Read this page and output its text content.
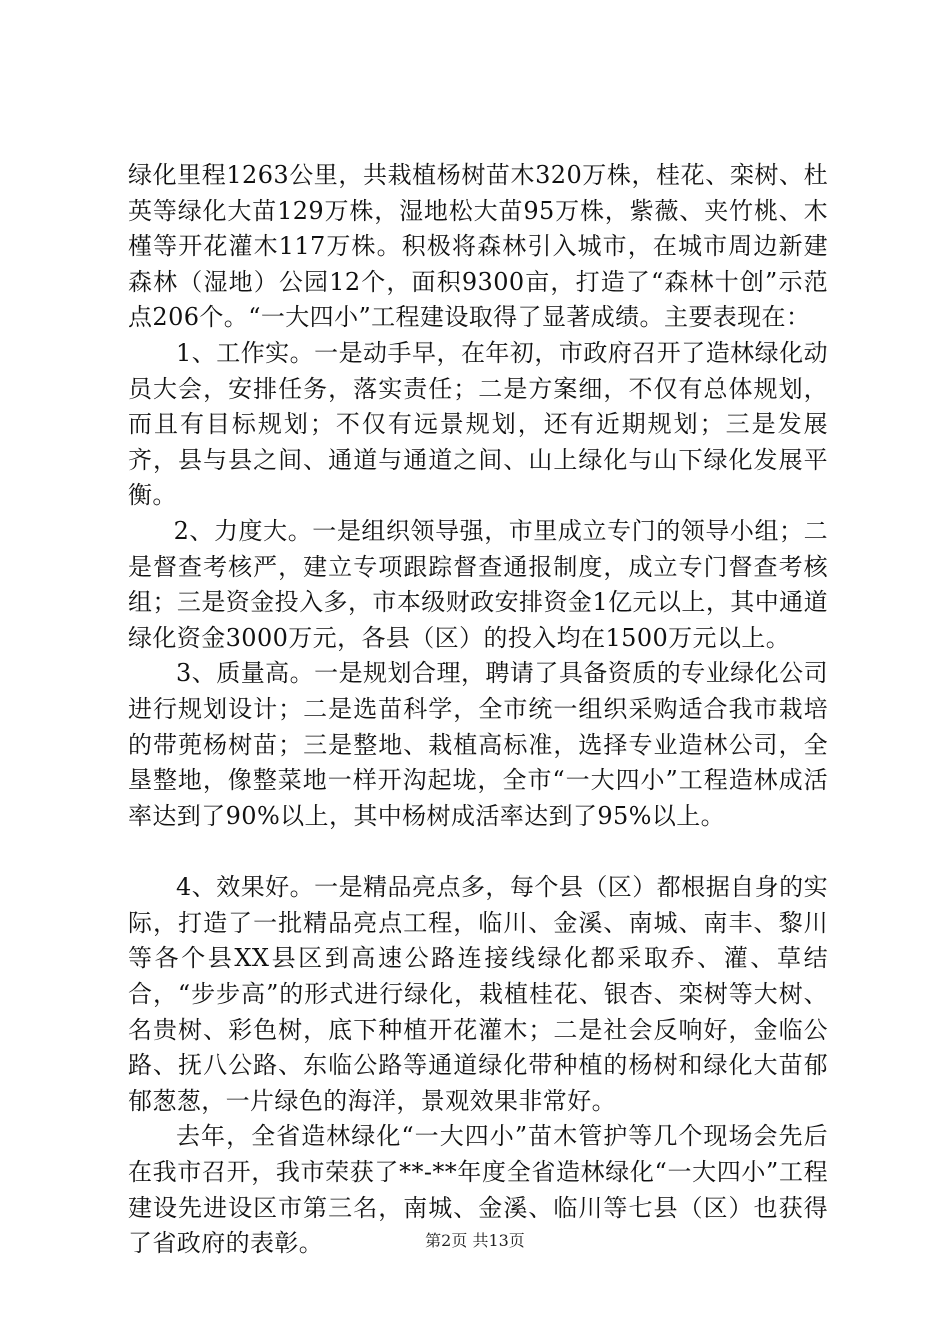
绿化里程1263公里，共栽植杨树苗木320万株，桂花、栾树、杜英等绿化大苗129万株，湿地松大苗95万株，紫薇、夹竹桃、木槿等开花灌木117万株。积极将森林引入城市，在城市周边新建森林（湿地）公园12个，面积9300亩，打造了“森林十创”示范点206个。“一大四小”工程建设取得了显著成绩。主要表现在：

1、工作实。一是动手早，在年初，市政府召开了造林绿化动员大会，安排任务，落实责任；二是方案细，不仅有总体规划，而且有目标规划；不仅有远景规划，还有近期规划；三是发展齐，县与县之间、通道与通道之间、山上绿化与山下绿化发展平衡。

2、力度大。一是组织领导强，市里成立专门的领导小组；二是督查考核严，建立专项跟踪督查通报制度，成立专门督查考核组；三是资金投入多，市本级财政安排资金1亿元以上，其中通道绿化资金3000万元，各县（区）的投入均在1500万元以上。

3、质量高。一是规划合理，聘请了具备资质的专业绿化公司进行规划设计；二是选苗科学，全市统一组织采购适合我市栽培的带蔸杨树苗；三是整地、栽植高标准，选择专业造林公司，全垦整地，像整菜地一样开沟起垅，全市“一大四小”工程造林成活率达到了90%以上，其中杨树成活率达到了95%以上。

4、效果好。一是精品亮点多，每个县（区）都根据自身的实际，打造了一批精品亮点工程，临川、金溪、南城、南丰、黎川等各个县XX县区到高速公路连接线绿化都采取乔、灌、草结合，“步步高”的形式进行绿化，栽植桂花、银杏、栾树等大树、名贵树、彩色树，底下种植开花灌木；二是社会反响好，金临公路、抚八公路、东临公路等通道绿化带种植的杨树和绿化大苗郁郁葱葱，一片绿色的海洋，景观效果非常好。

去年，全省造林绿化“一大四小”苗木管护等几个现场会先后在我市召开，我市荣获了**-**年度全省造林绿化“一大四小”工程建设先进设区市第三名，南城、金溪、临川等七县（区）也获得了省政府的表彰。	第2页 共13页
